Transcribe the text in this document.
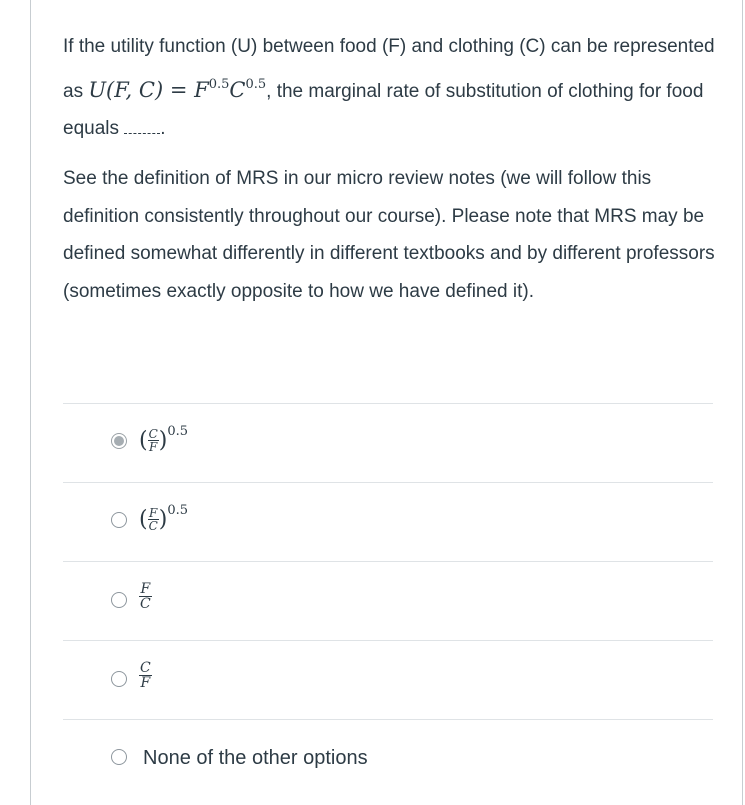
If the utility function (U) between food (F) and clothing (C) can be represented as U(F, $C) = F^{0.5}C^{0.5}$, the marginal rate of substitution of clothing for food equals .
See the definition of MRS in our micro review notes (we will follow this definition consistently throughout our course). Please note that MRS may be defined somewhat differently in different textbooks and by different professors (sometimes exactly opposite to how we have defined it).
( $\frac{C}{F} )^{0.5}$
( $\frac{F}{C} )^{0.5}$
$\frac{F}{C}$
$\frac{C}{F}$
None of the other options
